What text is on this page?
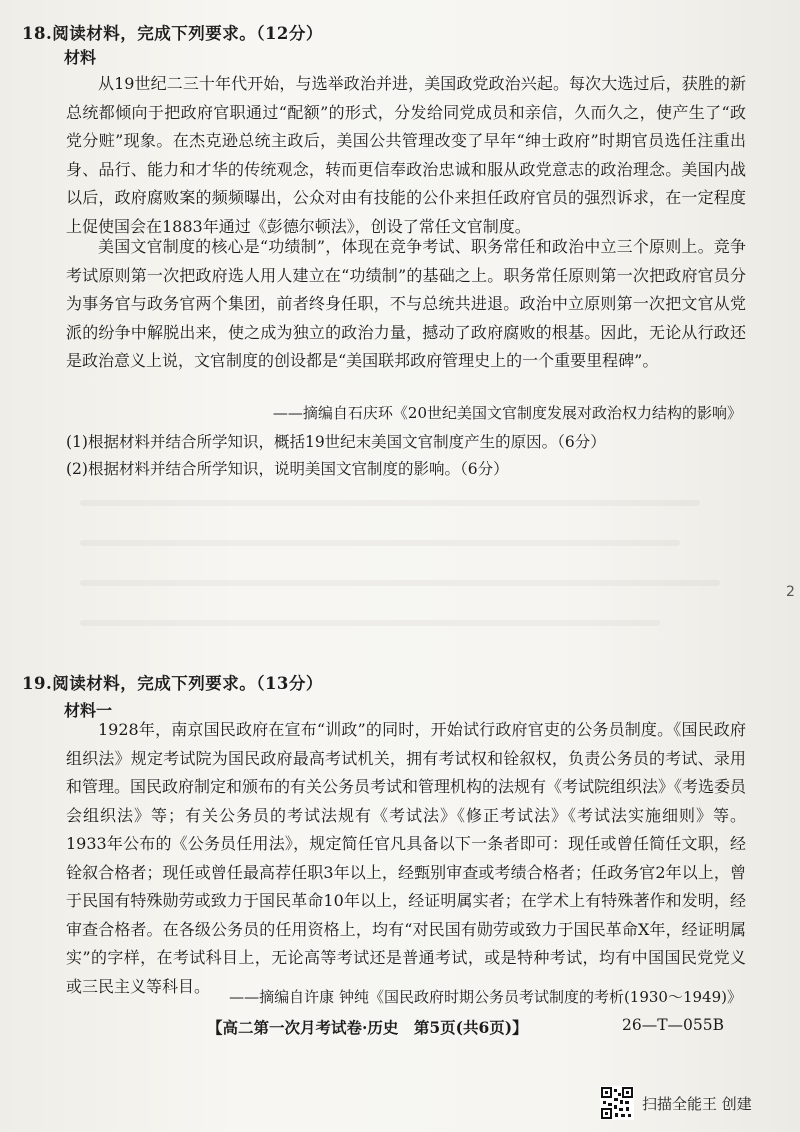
18.阅读材料，完成下列要求。（12分）
材料

从19世纪二三十年代开始，与选举政治并进，美国政党政治兴起。每次大选过后，获胜的新总统都倾向于把政府官职通过“配额”的形式，分发给同党成员和亲信，久而久之，使产生了“政党分赃”现象。在杰克逊总统主政后，美国公共管理改变了早年“绅士政府”时期官员选任注重出身、品行、能力和才华的传统观念，转而更信奉政治忠诚和服从政党意志的政治理念。美国内战以后，政府腐败案的频频曝出，公众对由有技能的公仆来担任政府官员的强烈诉求，在一定程度上促使国会在1883年通过《彭德尔顿法》，创设了常任文官制度。

美国文官制度的核心是“功绩制”，体现在竞争考试、职务常任和政治中立三个原则上。竞争考试原则第一次把政府选人用人建立在“功绩制”的基础之上。职务常任原则第一次把政府官员分为事务官与政务官两个集团，前者终身任职，不与总统共进退。政治中立原则第一次把文官从党派的纷争中解脱出来，使之成为独立的政治力量，撼动了政府腐败的根基。因此，无论从行政还是政治意义上说，文官制度的创设都是“美国联邦政府管理史上的一个重要里程碑”。

——摘编自石庆环《20世纪美国文官制度发展对政治权力结构的影响》
(1)根据材料并结合所学知识，概括19世纪末美国文官制度产生的原因。（6分）
(2)根据材料并结合所学知识，说明美国文官制度的影响。（6分）
2
19.阅读材料，完成下列要求。（13分）
材料一

1928年，南京国民政府在宣布“训政”的同时，开始试行政府官吏的公务员制度。《国民政府组织法》规定考试院为国民政府最高考试机关，拥有考试权和铨叙权，负责公务员的考试、录用和管理。国民政府制定和颁布的有关公务员考试和管理机构的法规有《考试院组织法》《考选委员会组织法》等；有关公务员的考试法规有《考试法》《修正考试法》《考试法实施细则》等。1933年公布的《公务员任用法》，规定简任官凡具备以下一条者即可：现任或曾任简任文职，经铨叙合格者；现任或曾任最高荐任职3年以上，经甄别审查或考绩合格者；任政务官2年以上，曾于民国有特殊勋劳或致力于国民革命10年以上，经证明属实者；在学术上有特殊著作和发明，经审查合格者。在各级公务员的任用资格上，均有“对民国有勋劳或致力于国民革命X年，经证明属实”的字样，在考试科目上，无论高等考试还是普通考试，或是特种考试，均有中国国民党党义或三民主义等科目。

——摘编自许康 钟纯《国民政府时期公务员考试制度的考析(1930～1949)》
【高二第一次月考试卷·历史　第5页(共6页)】	26—T—055B
扫描全能王 创建
